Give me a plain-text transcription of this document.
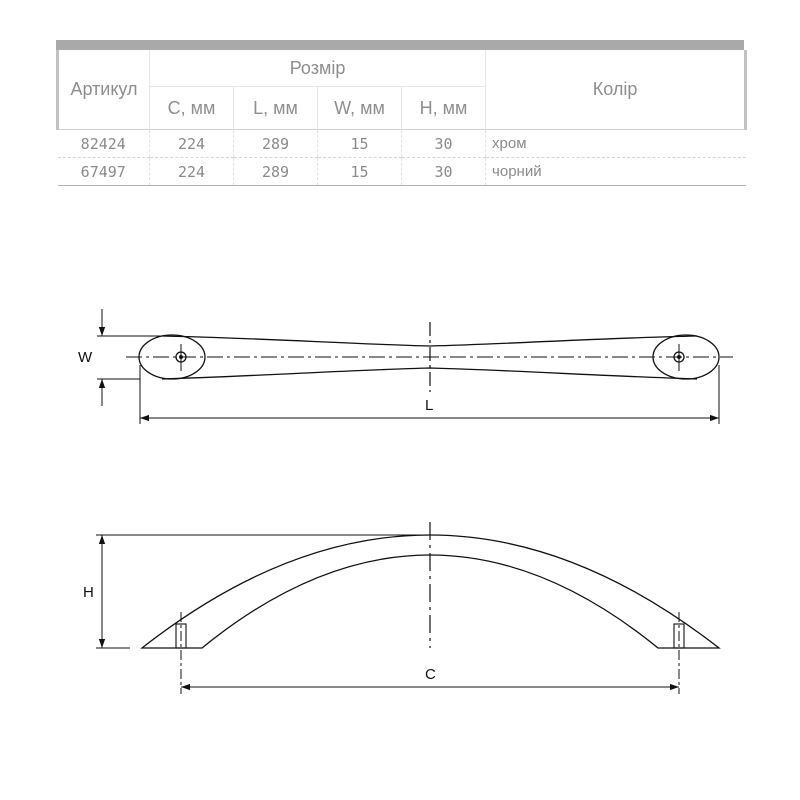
Артикул	Розмір				Колір
	C, мм	L, мм	W, мм	H, мм	
82424	224	289	15	30	хром
67497	224	289	15	30	чорний
W
L
H
C
